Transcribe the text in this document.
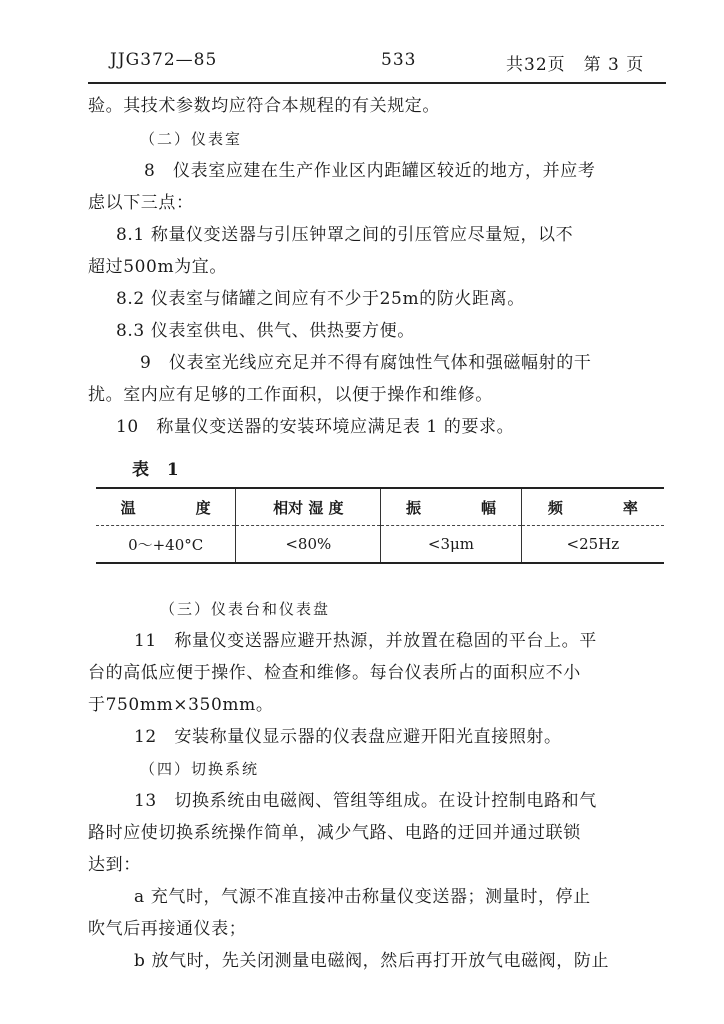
JJG372—85	533	共32页　第 3 页
验。其技术参数均应符合本规程的有关规定。
（二）仪表室
8　仪表室应建在生产作业区内距罐区较近的地方，并应考
虑以下三点：
8.1 称量仪变送器与引压钟罩之间的引压管应尽量短，以不
超过500m为宜。
8.2 仪表室与储罐之间应有不少于25m的防火距离。
8.3 仪表室供电、供气、供热要方便。
9　仪表室光线应充足并不得有腐蚀性气体和强磁幅射的干
扰。室内应有足够的工作面积，以便于操作和维修。
10　称量仪变送器的安装环境应满足表 1 的要求。
表 1
温　　　　度	相对 湿 度	振　　　　幅	频　　　　率
0～+40°C	<80%	<3μm	<25Hz
（三）仪表台和仪表盘
11　称量仪变送器应避开热源，并放置在稳固的平台上。平
台的高低应便于操作、检查和维修。每台仪表所占的面积应不小
于750mm×350mm。
12　安装称量仪显示器的仪表盘应避开阳光直接照射。
（四）切换系统
13　切换系统由电磁阀、管组等组成。在设计控制电路和气
路时应使切换系统操作简单，减少气路、电路的迂回并通过联锁
达到：
a 充气时，气源不准直接冲击称量仪变送器；测量时，停止
吹气后再接通仪表；
b 放气时，先关闭测量电磁阀，然后再打开放气电磁阀，防止
